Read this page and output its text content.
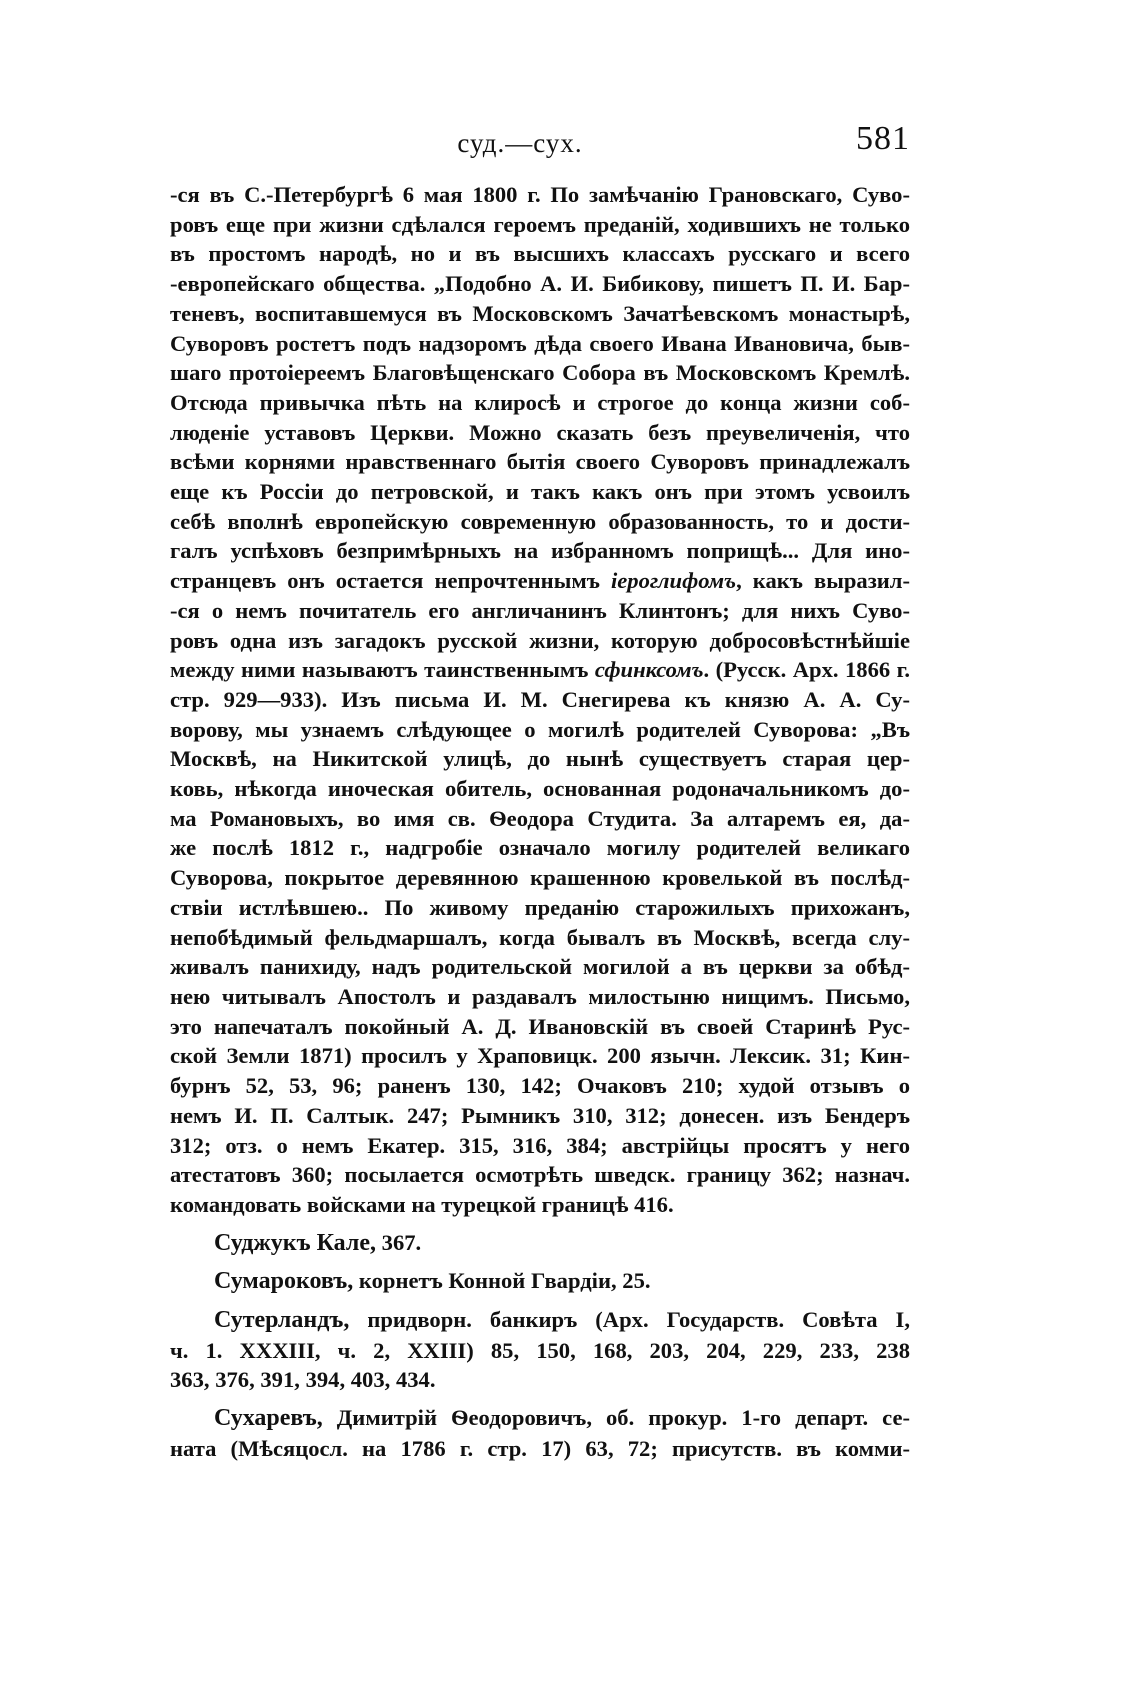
суд.—сух.	581
-ся въ С.-Петербургѣ 6 мая 1800 г. По замѣчанію Грановскаго, Суво-
ровъ еще при жизни сдѣлался героемъ преданій, ходившихъ не только
въ простомъ народѣ, но и въ высшихъ классахъ русскаго и всего
-европейскаго общества. „Подобно А. И. Бибикову, пишетъ П. И. Бар-
теневъ, воспитавшемуся въ Московскомъ Зачатѣевскомъ монастырѣ,
Суворовъ ростетъ подъ надзоромъ дѣда своего Ивана Ивановича, быв-
шаго протоіереемъ Благовѣщенскаго Собора въ Московскомъ Кремлѣ.
Отсюда привычка пѣть на клиросѣ и строгое до конца жизни соб-
люденіе уставовъ Церкви. Можно сказать безъ преувеличенія, что
всѣми корнями нравственнаго бытія своего Суворовъ принадлежалъ
еще къ Россіи до петровской, и такъ какъ онъ при этомъ усвоилъ
себѣ вполнѣ европейскую современную образованность, то и дости-
галъ успѣховъ безпримѣрныхъ на избранномъ поприщѣ... Для ино-
странцевъ онъ остается непрочтеннымъ іероглифомъ, какъ выразил-
-ся о немъ почитатель его англичанинъ Клинтонъ; для нихъ Суво-
ровъ одна изъ загадокъ русской жизни, которую добросовѣстнѣйшіе
между ними называютъ таинственнымъ сфинксомъ. (Русск. Арх. 1866 г.
стр. 929—933). Изъ письма И. М. Снегирева къ князю А. А. Су-
ворову, мы узнаемъ слѣдующее о могилѣ родителей Суворова: „Въ
Москвѣ, на Никитской улицѣ, до нынѣ существуетъ старая цер-
ковь, нѣкогда иноческая обитель, основанная родоначальникомъ до-
ма Романовыхъ, во имя св. Ѳеодора Студита. За алтаремъ ея, да-
же послѣ 1812 г., надгробіе означало могилу родителей великаго
Суворова, покрытое деревянною крашенною кровелькой въ послѣд-
ствіи истлѣвшею.. По живому преданію старожилыхъ прихожанъ,
непобѣдимый фельдмаршалъ, когда бывалъ въ Москвѣ, всегда слу-
живалъ панихиду, надъ родительской могилой а въ церкви за обѣд-
нею читывалъ Апостолъ и раздавалъ милостыню нищимъ. Письмо,
это напечаталъ покойный А. Д. Ивановскій въ своей Старинѣ Рус-
ской Земли 1871) просилъ у Храповицк. 200 язычн. Лексик. 31; Кин-
бурнъ 52, 53, 96; раненъ 130, 142; Очаковъ 210; худой отзывъ о
немъ И. П. Салтык. 247; Рымникъ 310, 312; донесен. изъ Бендеръ
312; отз. о немъ Екатер. 315, 316, 384; австрійцы просятъ у него
атестатовъ 360; посылается осмотрѣть шведск. границу 362; назнач.
командовать войсками на турецкой границѣ 416.
Суджукъ Кале, 367.
Сумароковъ, корнетъ Конной Гвардіи, 25.
Сутерландъ, придворн. банкиръ (Арх. Государств. Совѣта I,
ч. 1. XXXIII, ч. 2, XXIII) 85, 150, 168, 203, 204, 229, 233, 238
363, 376, 391, 394, 403, 434.
Сухаревъ, Димитрій Ѳеодоровичъ, об. прокур. 1-го департ. се-
ната (Мѣсяцосл. на 1786 г. стр. 17) 63, 72; присутств. въ комми-
